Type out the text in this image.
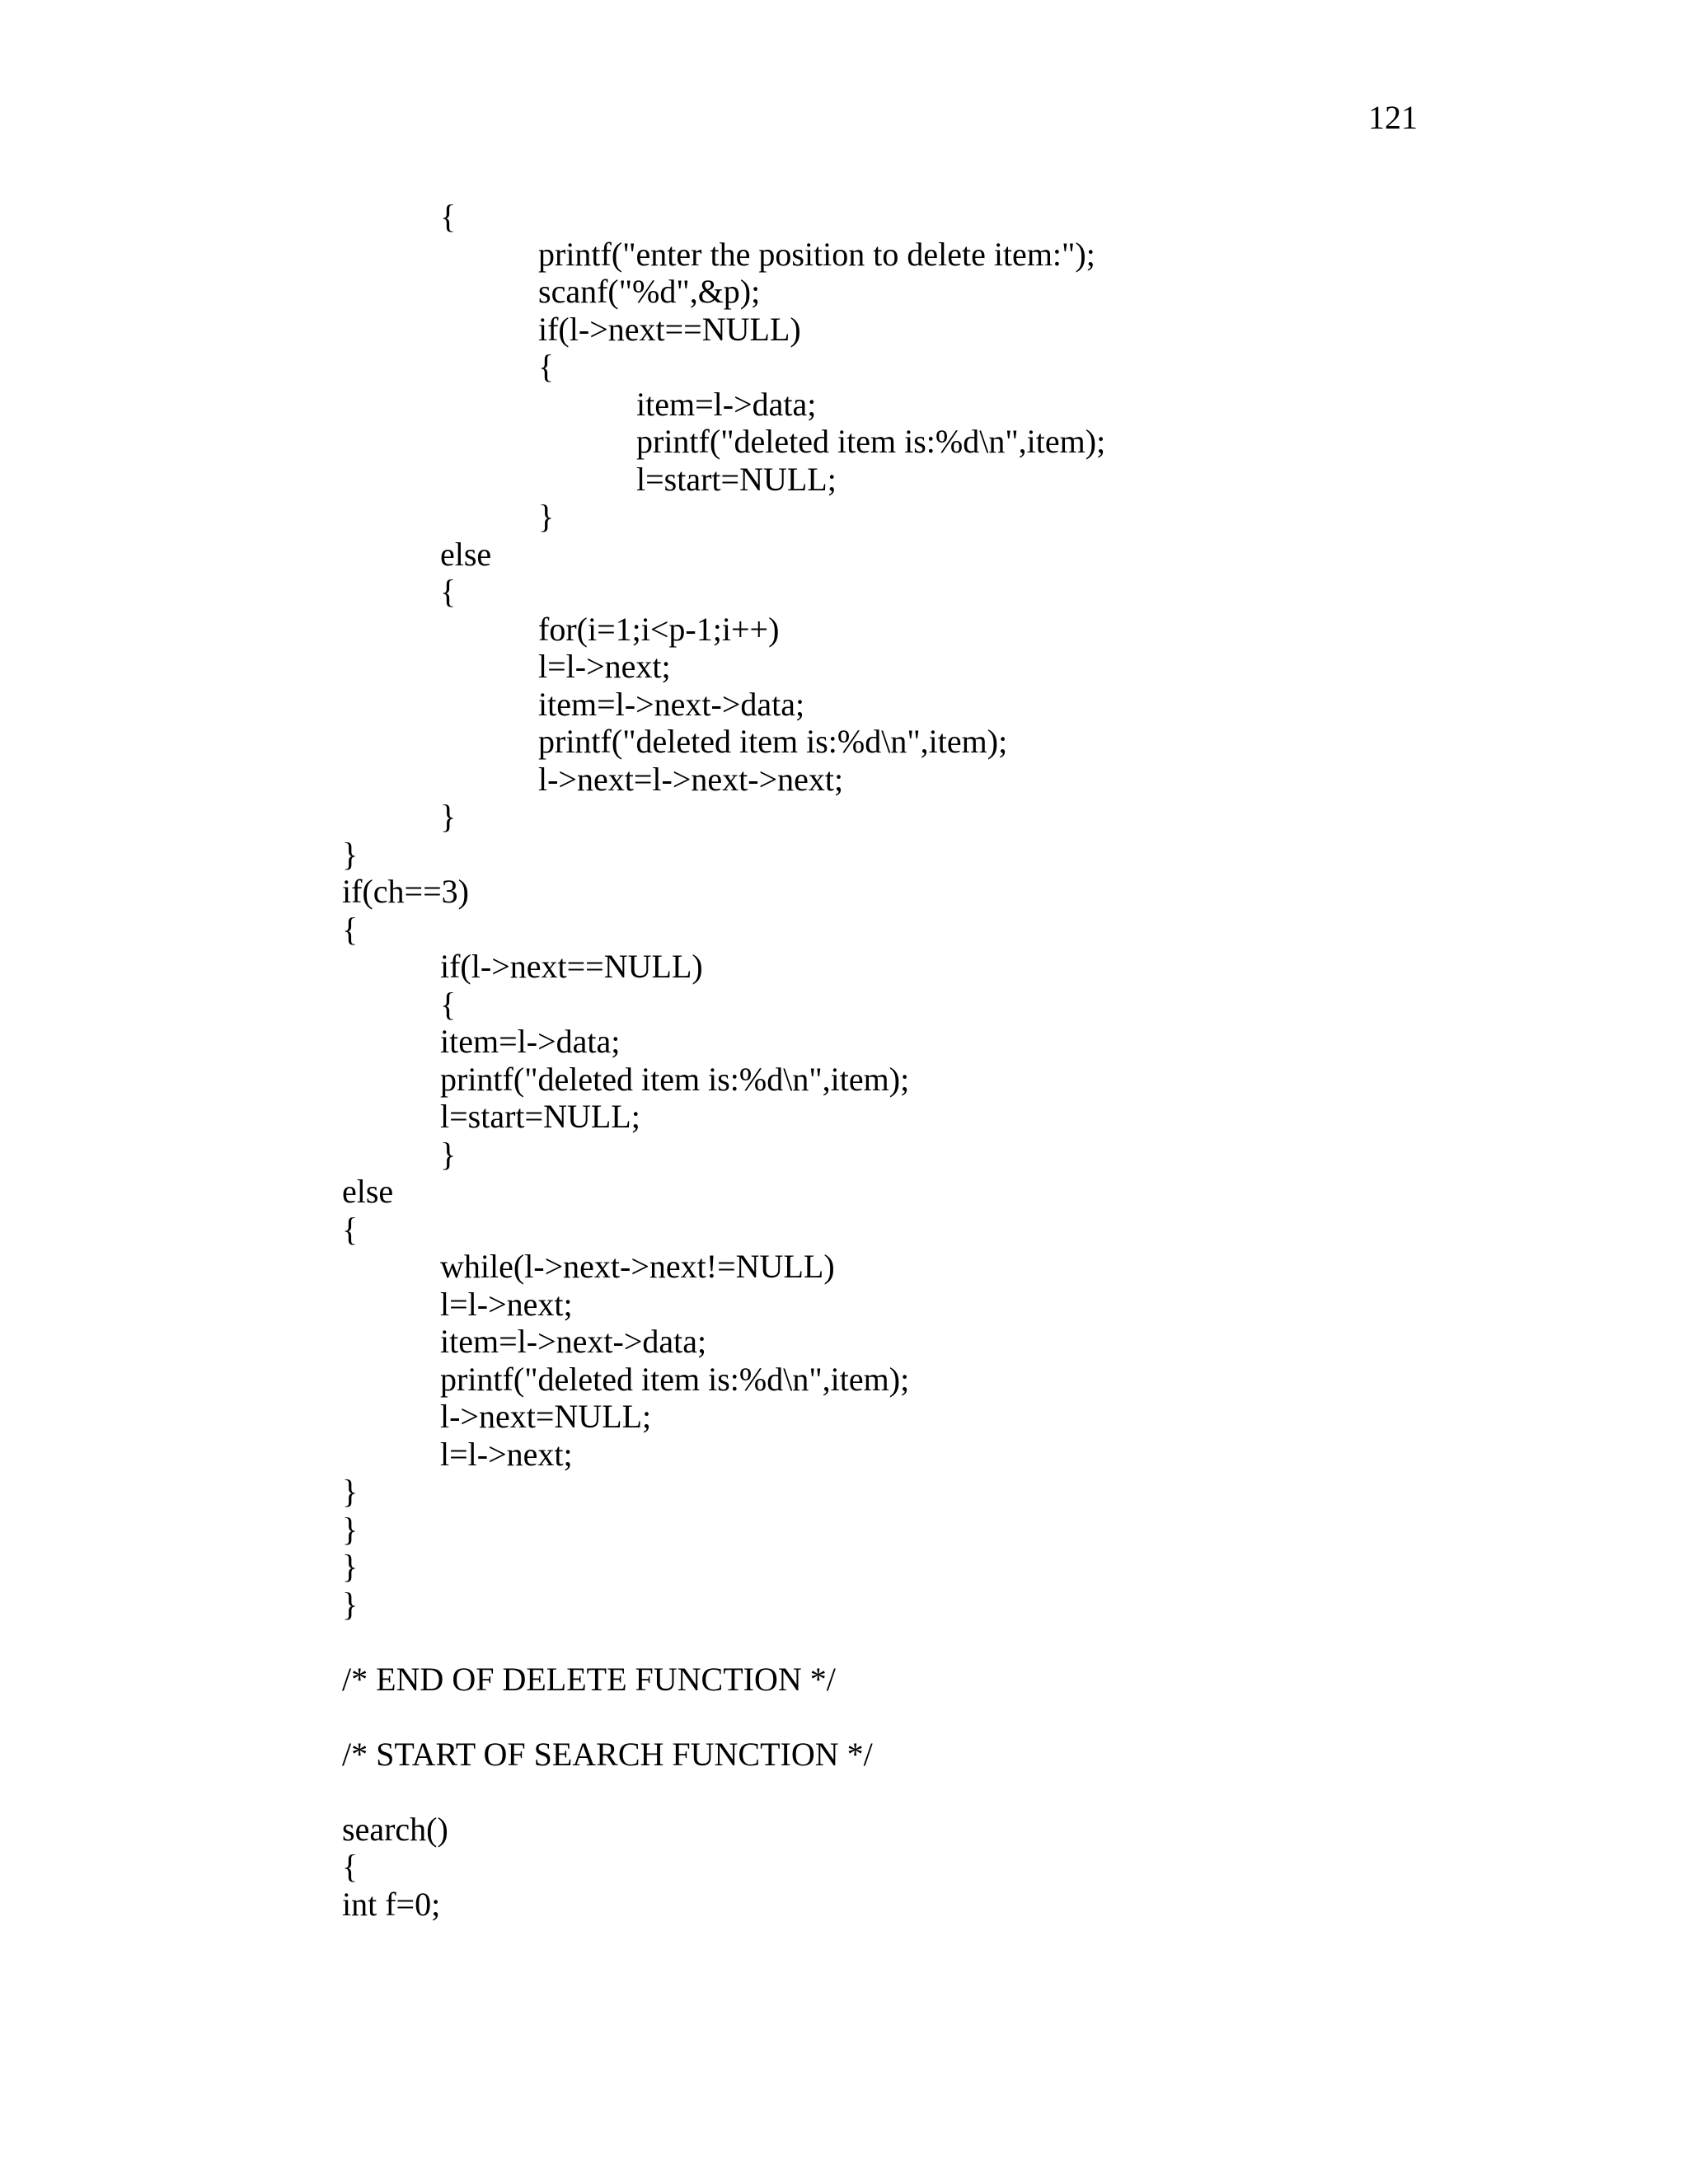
121
{
printf("enter the position to delete item:");
scanf("%d",&p);
if(l->next==NULL)
{
item=l->data;
printf("deleted item is:%d\n",item);
l=start=NULL;
}
else
{
for(i=1;i<p-1;i++)
l=l->next;
item=l->next->data;
printf("deleted item is:%d\n",item);
l->next=l->next->next;
}
}
if(ch==3)
{
if(l->next==NULL)
{
item=l->data;
printf("deleted item is:%d\n",item);
l=start=NULL;
}
else
{
while(l->next->next!=NULL)
l=l->next;
item=l->next->data;
printf("deleted item is:%d\n",item);
l->next=NULL;
l=l->next;
}
}
}
}
/* END OF DELETE FUNCTION */
/* START OF SEARCH FUNCTION */
search()
{
int f=0;
